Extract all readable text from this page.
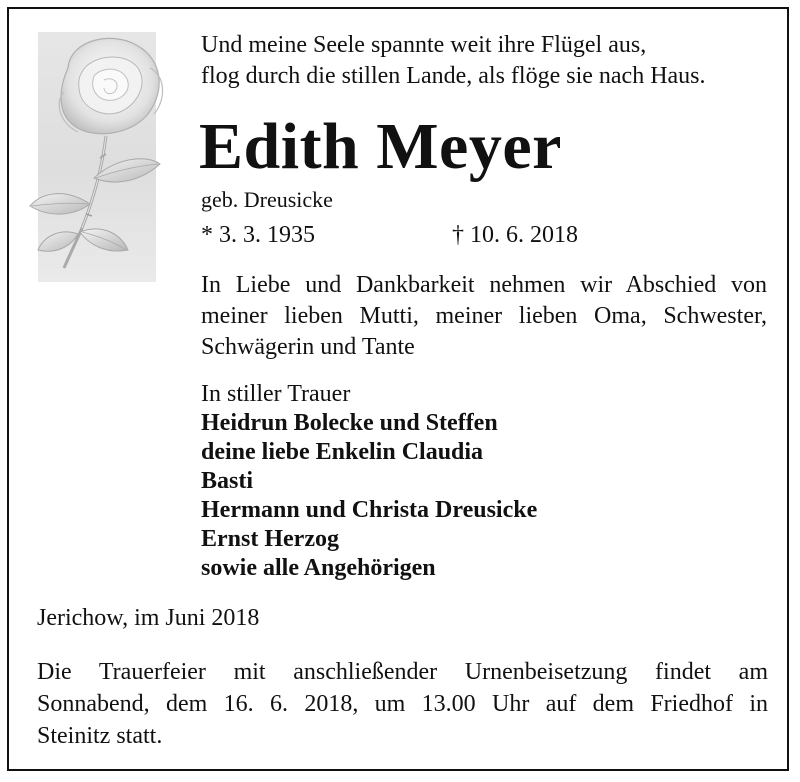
Und meine Seele spannte weit ihre Flügel aus,
flog durch die stillen Lande, als flöge sie nach Haus.
Edith Meyer
geb. Dreusicke
* 3. 3. 1935	† 10. 6. 2018
In Liebe und Dankbarkeit nehmen wir Abschied von
meiner lieben Mutti, meiner lieben Oma, Schwester,
Schwägerin und Tante
In stiller Trauer
Heidrun Bolecke und Steffen
deine liebe Enkelin Claudia
Basti
Hermann und Christa Dreusicke
Ernst Herzog
sowie alle Angehörigen
Jerichow, im Juni 2018
Die Trauerfeier mit anschließender Urnenbeisetzung findet am
Sonnabend, dem 16. 6. 2018, um 13.00 Uhr auf dem Friedhof in
Steinitz statt.
